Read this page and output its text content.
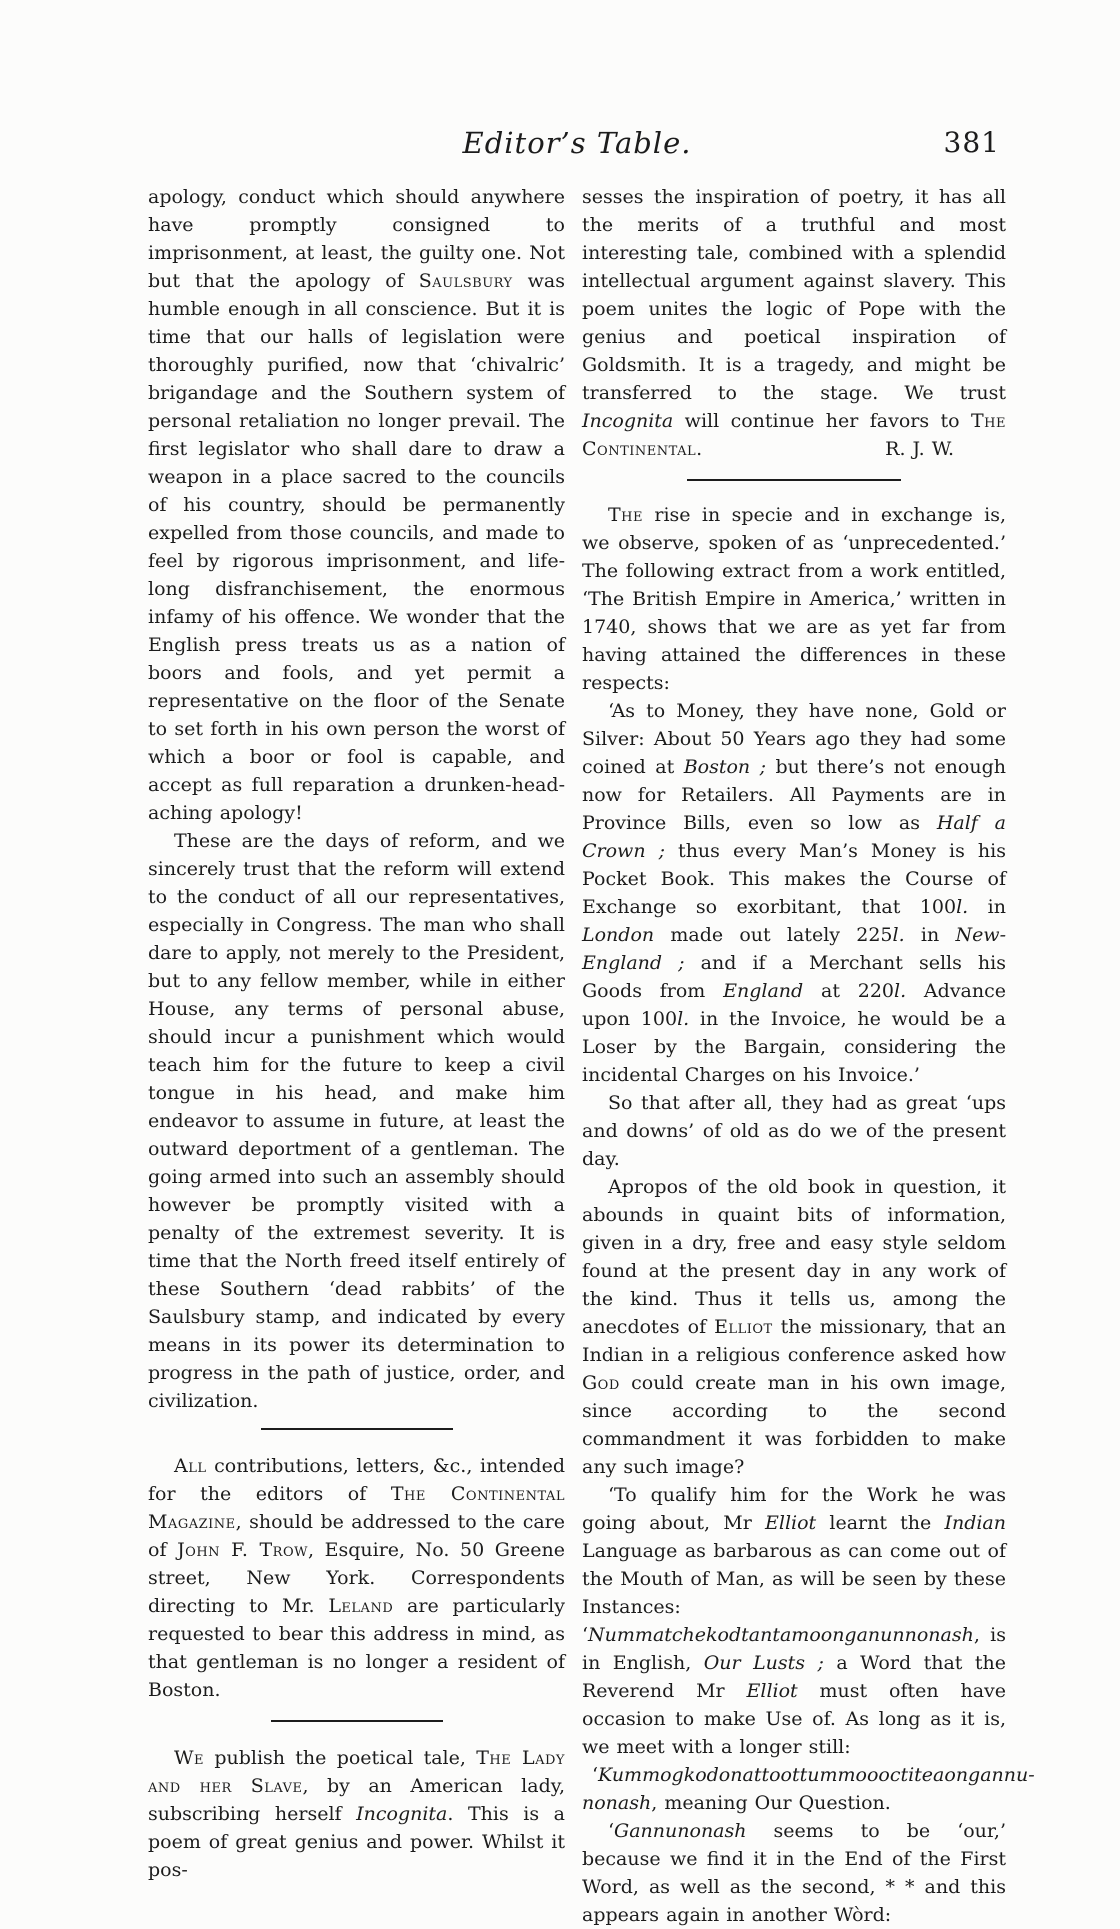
Editor’s Table.	381

apology, conduct which should anywhere have promptly consigned to imprisonment, at least, the guilty one. Not but that the apology of Saulsbury was humble enough in all conscience. But it is time that our halls of legislation were thoroughly purified, now that ‘chivalric’ brigandage and the Southern system of personal retaliation no longer prevail. The first legislator who shall dare to draw a weapon in a place sacred to the councils of his country, should be permanently expelled from those councils, and made to feel by rigorous imprisonment, and life-long disfranchisement, the enormous infamy of his offence. We wonder that the English press treats us as a nation of boors and fools, and yet permit a representative on the floor of the Senate to set forth in his own person the worst of which a boor or fool is capable, and accept as full reparation a drunken-head-aching apology!

These are the days of reform, and we sincerely trust that the reform will extend to the conduct of all our representatives, especially in Congress. The man who shall dare to apply, not merely to the President, but to any fellow member, while in either House, any terms of personal abuse, should incur a punishment which would teach him for the future to keep a civil tongue in his head, and make him endeavor to assume in future, at least the outward deportment of a gentleman. The going armed into such an assembly should however be promptly visited with a penalty of the extremest severity. It is time that the North freed itself entirely of these Southern ‘dead rabbits’ of the Saulsbury stamp, and indicated by every means in its power its determination to progress in the path of justice, order, and civilization.

All contributions, letters, &c., intended for the editors of The Continental Magazine, should be addressed to the care of John F. Trow, Esquire, No. 50 Greene street, New York. Correspondents directing to Mr. Leland are particularly requested to bear this address in mind, as that gentleman is no longer a resident of Boston.

We publish the poetical tale, The Lady and her Slave, by an American lady, subscribing herself Incognita. This is a poem of great genius and power. Whilst it pos-

sesses the inspiration of poetry, it has all the merits of a truthful and most interesting tale, combined with a splendid intellectual argument against slavery. This poem unites the logic of Pope with the genius and poetical inspiration of Goldsmith. It is a tragedy, and might be transferred to the stage. We trust Incognita will continue her favors to The Continental.	R. J. W.

The rise in specie and in exchange is, we observe, spoken of as ‘unprecedented.’ The following extract from a work entitled, ‘The British Empire in America,’ written in 1740, shows that we are as yet far from having attained the differences in these respects:

‘As to Money, they have none, Gold or Silver: About 50 Years ago they had some coined at Boston ; but there’s not enough now for Retailers. All Payments are in Province Bills, even so low as Half a Crown ; thus every Man’s Money is his Pocket Book. This makes the Course of Exchange so exorbitant, that 100l. in London made out lately 225l. in New-England ; and if a Merchant sells his Goods from England at 220l. Advance upon 100l. in the Invoice, he would be a Loser by the Bargain, considering the incidental Charges on his Invoice.’

So that after all, they had as great ‘ups and downs’ of old as do we of the present day.

Apropos of the old book in question, it abounds in quaint bits of information, given in a dry, free and easy style seldom found at the present day in any work of the kind. Thus it tells us, among the anecdotes of Elliot the missionary, that an Indian in a religious conference asked how God could create man in his own image, since according to the second commandment it was forbidden to make any such image?

‘To qualify him for the Work he was going about, Mr Elliot learnt the Indian Language as barbarous as can come out of the Mouth of Man, as will be seen by these Instances:

‘Nummatchekodtantamoonganunnonash, is in English, Our Lusts ; a Word that the Reverend Mr Elliot must often have occasion to make Use of. As long as it is, we meet with a longer still:

‘Kummogkodonattoottummoooctiteaongannu-
nonash, meaning Our Question.

‘Gannunonash seems to be ‘our,’ because we find it in the End of the First Word, as well as the second, * * and this appears again in another Wòrd:
